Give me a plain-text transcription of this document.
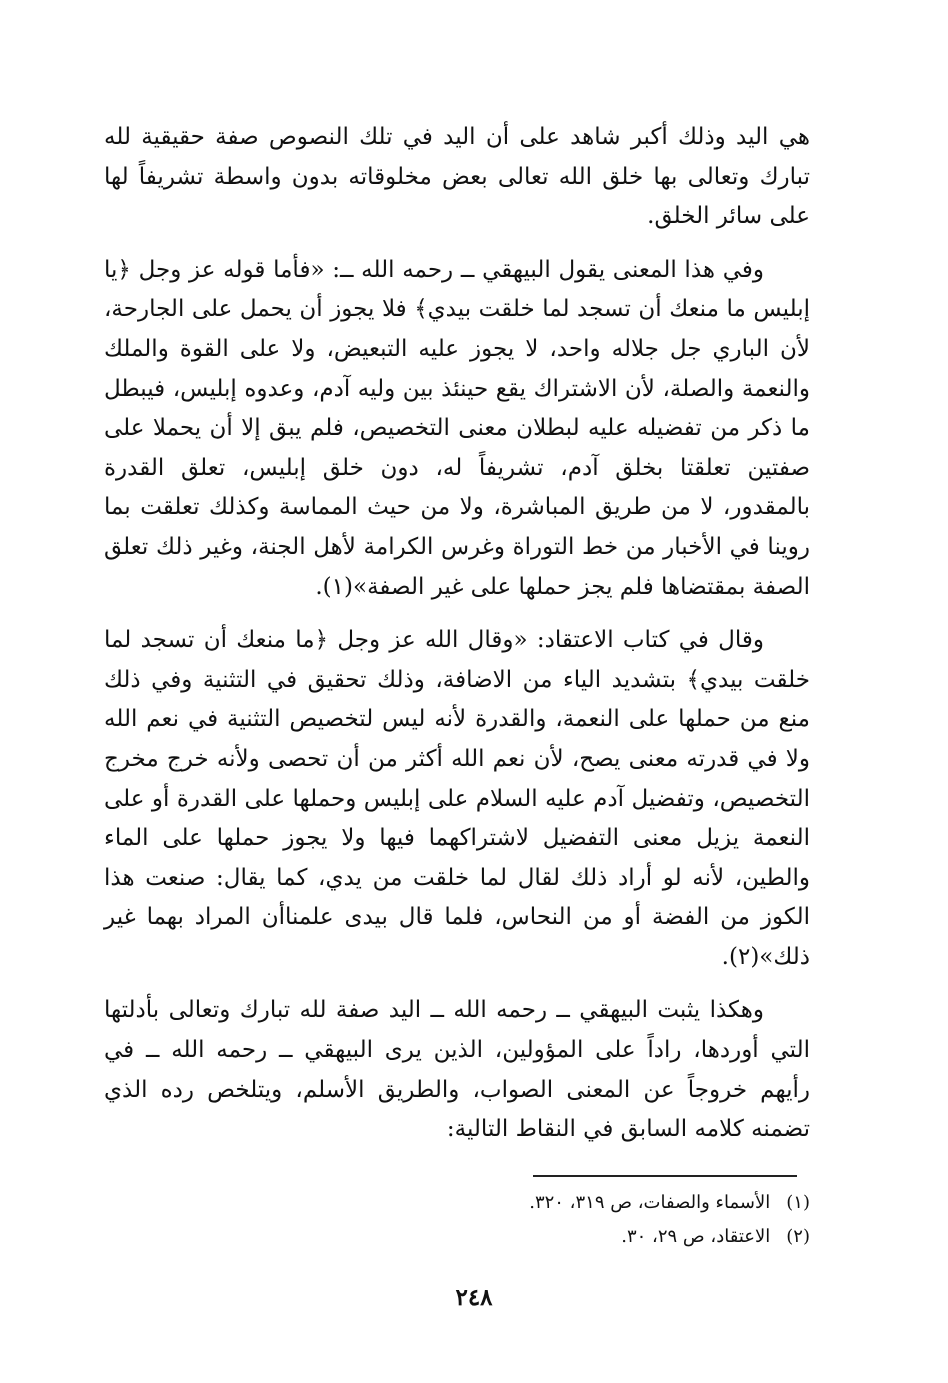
هي اليد وذلك أكبر شاهد على أن اليد في تلك النصوص صفة حقيقية لله تبارك وتعالى بها خلق الله تعالى بعض مخلوقاته بدون واسطة تشريفاً لها على سائر الخلق.

وفي هذا المعنى يقول البيهقي ــ رحمه الله ــ: «فأما قوله عز وجل ﴿يا إبليس ما منعك أن تسجد لما خلقت بيدي﴾ فلا يجوز أن يحمل على الجارحة، لأن الباري جل جلاله واحد، لا يجوز عليه التبعيض، ولا على القوة والملك والنعمة والصلة، لأن الاشتراك يقع حينئذ بين وليه آدم، وعدوه إبليس، فيبطل ما ذكر من تفضيله عليه لبطلان معنى التخصيص، فلم يبق إلا أن يحملا على صفتين تعلقتا بخلق آدم، تشريفاً له، دون خلق إبليس، تعلق القدرة بالمقدور، لا من طريق المباشرة، ولا من حيث المماسة وكذلك تعلقت بما روينا في الأخبار من خط التوراة وغرس الكرامة لأهل الجنة، وغير ذلك تعلق الصفة بمقتضاها فلم يجز حملها على غير الصفة»(١).

وقال في كتاب الاعتقاد: «وقال الله عز وجل ﴿ما منعك أن تسجد لما خلقت بيدي﴾ بتشديد الياء من الاضافة، وذلك تحقيق في التثنية وفي ذلك منع من حملها على النعمة، والقدرة لأنه ليس لتخصيص التثنية في نعم الله ولا في قدرته معنى يصح، لأن نعم الله أكثر من أن تحصى ولأنه خرج مخرج التخصيص، وتفضيل آدم عليه السلام على إبليس وحملها على القدرة أو على النعمة يزيل معنى التفضيل لاشتراكهما فيها ولا يجوز حملها على الماء والطين، لأنه لو أراد ذلك لقال لما خلقت من يدي، كما يقال: صنعت هذا الكوز من الفضة أو من النحاس، فلما قال بيدى علمناأن المراد بهما غير ذلك»(٢).

وهكذا يثبت البيهقي ــ رحمه الله ــ اليد صفة لله تبارك وتعالى بأدلتها التي أوردها، راداً على المؤولين، الذين يرى البيهقي ــ رحمه الله ــ في رأيهم خروجاً عن المعنى الصواب، والطريق الأسلم، ويتلخص رده الذي تضمنه كلامه السابق في النقاط التالية:

(١) الأسماء والصفات، ص ٣١٩، ٣٢٠.

(٢) الاعتقاد، ص ٢٩، ٣٠.

٢٤٨
